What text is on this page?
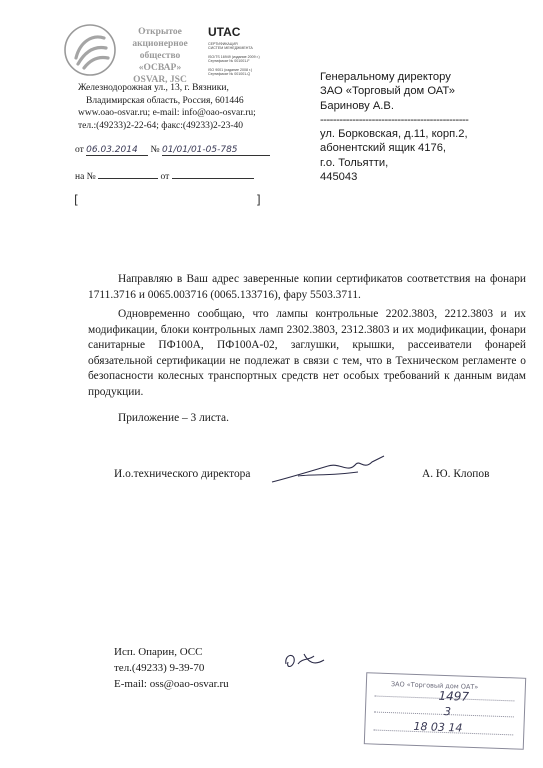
Открытое
акционерное
общество
«ОСВАР»
OSVAR, JSC
UTAC
СЕРТИФИКАЦИЯ
СИСТЕМ МЕНЕДЖМЕНТА
ISO/TS 16949 (издание 2009 г.)
Сертификат № 001001-F
ISO 9001 (издание 2008 г.)
Сертификат № 001001-Q
Железнодорожная ул., 13, г. Вязники,
Владимирская область, Россия, 601446
www.oao-osvar.ru; e-mail: info@oao-osvar.ru;
тел.:(49233)2-22-64; факс:(49233)2-23-40
от 06.03.2014 № 01/01/01-05-785
на №	от
[	]
Генеральному директору
ЗАО «Торговый дом ОАТ»
Баринову А.В.
----------------------------------------------
ул. Борковская, д.11, корп.2,
абонентский ящик 4176,
г.о. Тольятти,
445043

Направляю в Ваш адрес заверенные копии сертификатов соответствия на фонари 1711.3716 и 0065.003716 (0065.133716), фару 5503.3711.

Одновременно сообщаю, что лампы контрольные 2202.3803, 2212.3803 и их модификации, блоки контрольных ламп 2302.3803, 2312.3803 и их модификации, фонари санитарные ПФ100А, ПФ100А-02, заглушки, крышки, рассеиватели фонарей обязательной сертификации не подлежат в связи с тем, что в Техническом регламенте о безопасности колесных транспортных средств нет особых требований к данным видам продукции.

Приложение – 3 листа.

И.о.технического директора	А. Ю. Клопов
Исп. Опарин, ОСС
тел.(49233) 9-39-70
E-mail: oss@oao-osvar.ru	ЗАО «Торговый дом ОАТ»
1497
3
18 03 14
